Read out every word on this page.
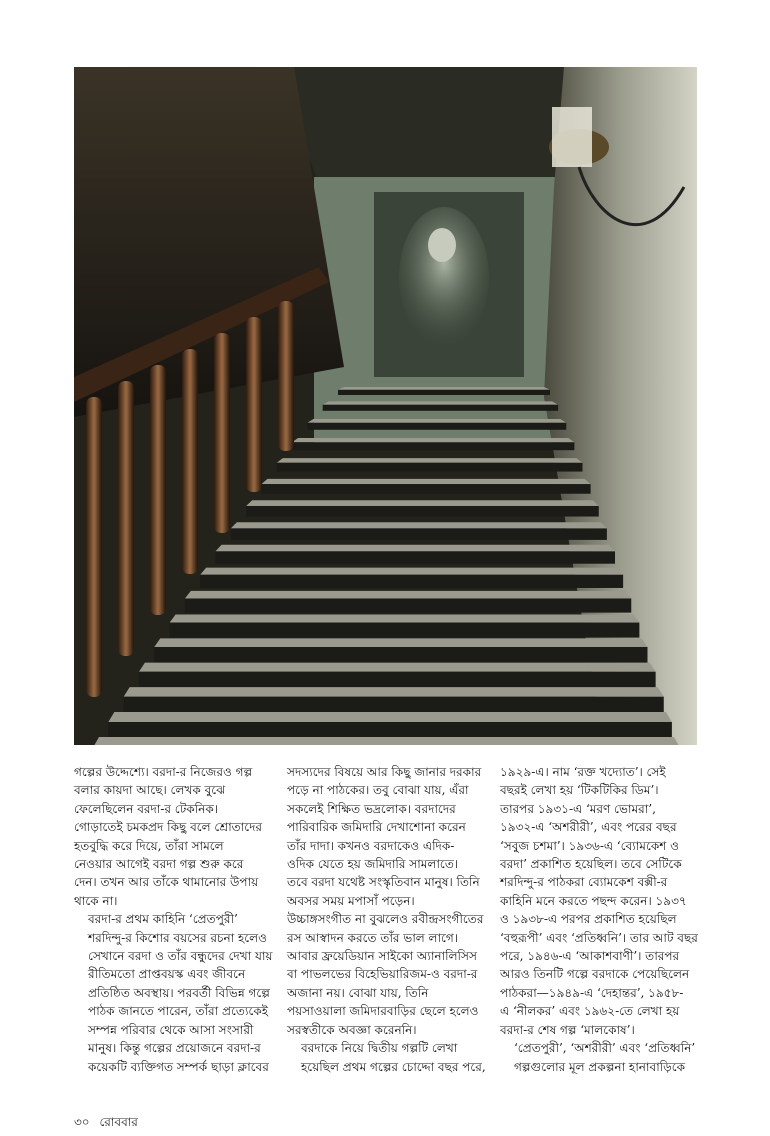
গল্পের উদ্দেশ্যে। বরদা-র নিজেরও গল্প
বলার কায়দা আছে। লেখক বুঝে
ফেলেছিলেন বরদা-র টেকনিক।
গোড়াতেই চমকপ্রদ কিছু বলে শ্রোতাদের
হতবুদ্ধি করে দিয়ে, তাঁরা সামলে
নেওয়ার আগেই বরদা গল্প শুরু করে
দেন। তখন আর তাঁকে থামানোর উপায়
থাকে না।

বরদা-র প্রথম কাহিনি ‘প্রেতপুরী’
শরদিন্দু-র কিশোর বয়সের রচনা হলেও
সেখানে বরদা ও তাঁর বন্ধুদের দেখা যায়
রীতিমতো প্রাপ্তবয়স্ক এবং জীবনে
প্রতিষ্ঠিত অবস্থায়। পরবর্তী বিভিন্ন গল্পে
পাঠক জানতে পারেন, তাঁরা প্রত্যেকেই
সম্পন্ন পরিবার থেকে আসা সংসারী
মানুষ। কিন্তু গল্পের প্রয়োজনে বরদা-র
কয়েকটি ব্যক্তিগত সম্পর্ক ছাড়া ক্লাবের

সদস্যদের বিষয়ে আর কিছু জানার দরকার
পড়ে না পাঠকের। তবু বোঝা যায়, এঁরা
সকলেই শিক্ষিত ভদ্রলোক। বরদাদের
পারিবারিক জমিদারি দেখাশোনা করেন
তাঁর দাদা। কখনও বরদাকেও এদিক-
ওদিক যেতে হয় জমিদারি সামলাতে।
তবে বরদা যথেষ্ট সংস্কৃতিবান মানুষ। তিনি
অবসর সময় মপাসাঁ পড়েন।
উচ্চাঙ্গসংগীত না বুঝলেও রবীন্দ্রসংগীতের
রস আস্বাদন করতে তাঁর ভাল লাগে।
আবার ফ্রয়েডিয়ান সাইকো অ্যানালিসিস
বা পাভলভের বিহেভিয়ারিজম-ও বরদা-র
অজানা নয়। বোঝা যায়, তিনি
পয়সাওয়ালা জমিদারবাড়ির ছেলে হলেও
সরস্বতীকে অবজ্ঞা করেননি।

বরদাকে নিয়ে দ্বিতীয় গল্পটি লেখা
হয়েছিল প্রথম গল্পের চোদ্দো বছর পরে,

১৯২৯-এ। নাম ‘রক্ত খদ্যোত’। সেই
বছরই লেখা হয় ‘টিকটিকির ডিম’।
তারপর ১৯৩১-এ ‘মরণ ভোমরা’,
১৯৩২-এ ‘অশরীরী’, এবং পরের বছর
‘সবুজ চশমা’। ১৯৩৬-এ ‘ব্যোমকেশ ও
বরদা’ প্রকাশিত হয়েছিল। তবে সেটিকে
শরদিন্দু-র পাঠকরা ব্যোমকেশ বক্সী-র
কাহিনি মনে করতে পছন্দ করেন। ১৯৩৭
ও ১৯৩৮-এ পরপর প্রকাশিত হয়েছিল
‘বহুরূপী’ এবং ‘প্রতিধ্বনি’। তার আট বছর
পরে, ১৯৪৬-এ ‘আকাশবাণী’। তারপর
আরও তিনটি গল্পে বরদাকে পেয়েছিলেন
পাঠকরা—১৯৪৯-এ ‘দেহান্তর’, ১৯৫৮-
এ ‘নীলকর’ এবং ১৯৬২-তে লেখা হয়
বরদা-র শেষ গল্প ‘মালকোষ’।

‘প্রেতপুরী’, ‘অশরীরী’ এবং ‘প্রতিধ্বনি’
গল্পগুলোর মূল প্রকল্পনা হানাবাড়িকে

৩০ রোববার
